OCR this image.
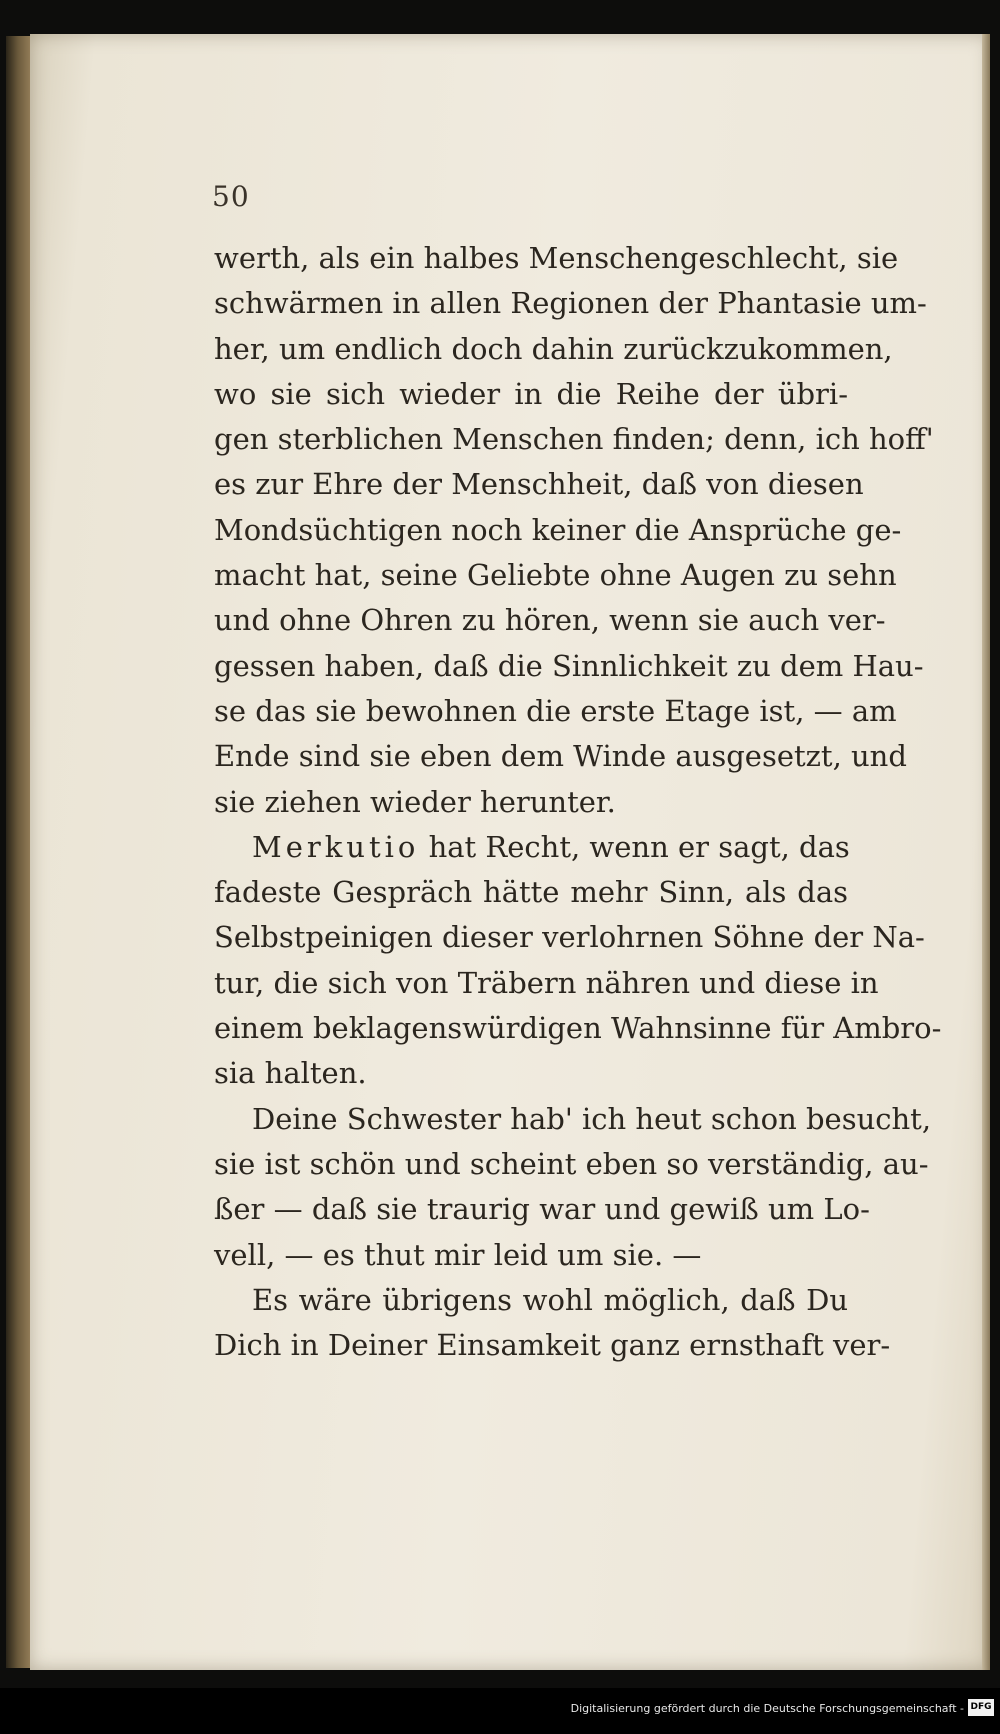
50
werth, als ein halbes Menschengeschlecht, sie
schwärmen in allen Regionen der Phantasie um-
her, um endlich doch dahin zurückzukommen,
wo sie sich wieder in die Reihe der übri-
gen sterblichen Menschen finden; denn, ich hoff'
es zur Ehre der Menschheit, daß von diesen
Mondsüchtigen noch keiner die Ansprüche ge-
macht hat, seine Geliebte ohne Augen zu sehn
und ohne Ohren zu hören, wenn sie auch ver-
gessen haben, daß die Sinnlichkeit zu dem Hau-
se das sie bewohnen die erste Etage ist, — am
Ende sind sie eben dem Winde ausgesetzt, und
sie ziehen wieder herunter.
Merkutio hat Recht, wenn er sagt, das
fadeste Gespräch hätte mehr Sinn, als das
Selbstpeinigen dieser verlohrnen Söhne der Na-
tur, die sich von Träbern nähren und diese in
einem beklagenswürdigen Wahnsinne für Ambro-
sia halten.
Deine Schwester hab' ich heut schon besucht,
sie ist schön und scheint eben so verständig, au-
ßer — daß sie traurig war und gewiß um Lo-
vell, — es thut mir leid um sie. —
Es wäre übrigens wohl möglich, daß Du
Dich in Deiner Einsamkeit ganz ernsthaft ver-
Digitalisierung gefördert durch die Deutsche Forschungsgemeinschaft - DFG
